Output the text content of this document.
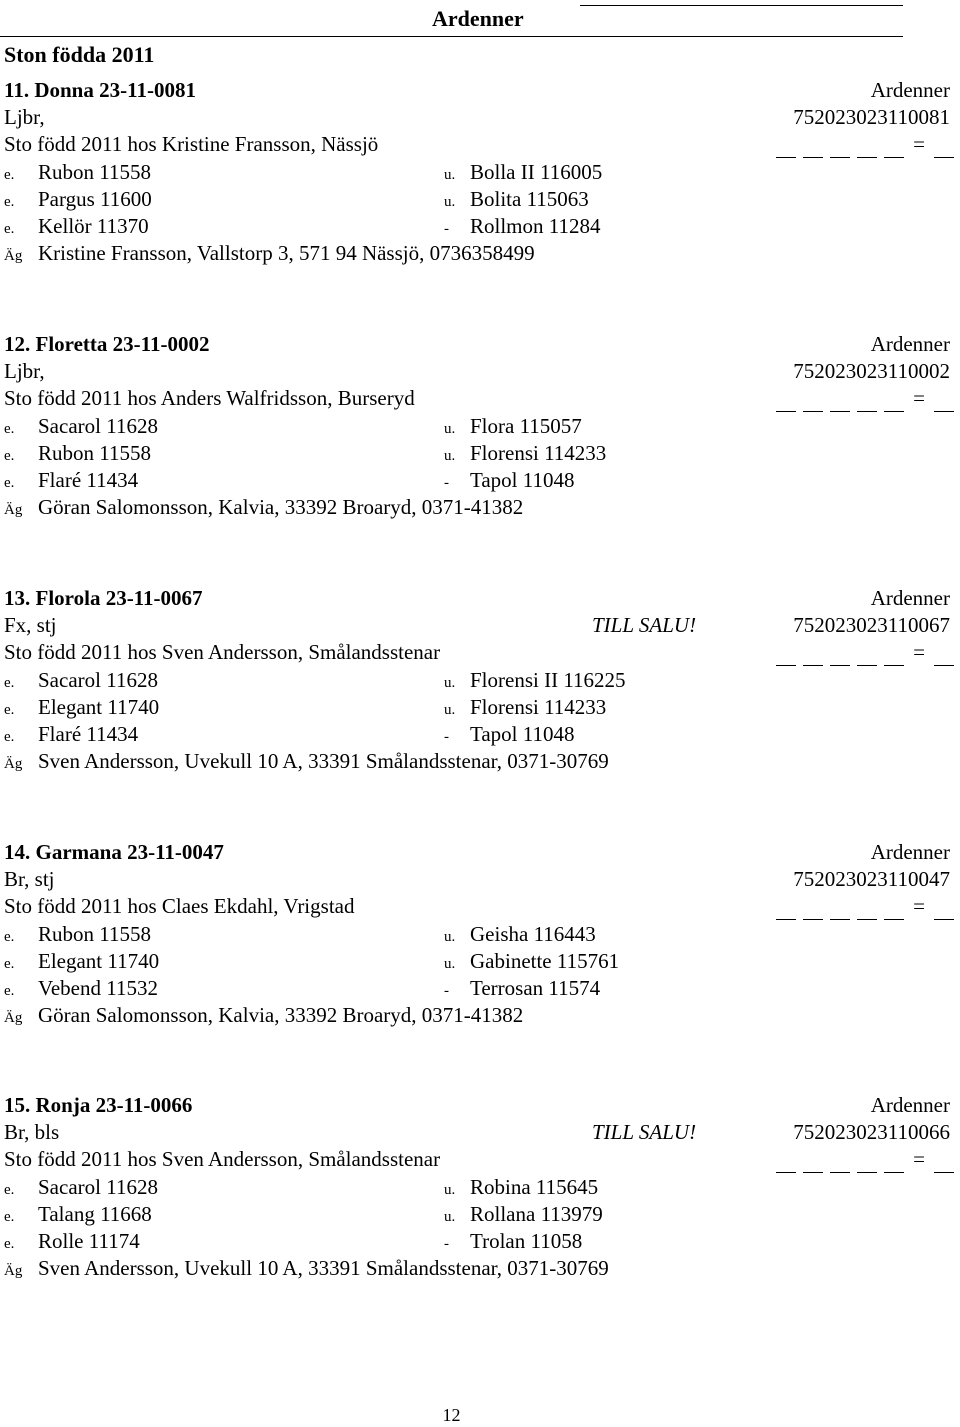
Ardenner
Ston födda 2011
11. Donna 23-11-0081	Ardenner
Ljbr,	752023023110081
Sto född 2011 hos Kristine Fransson, Nässjö	=
e. Rubon 11558	u. Bolla II 116005
e. Pargus 11600	u. Bolita 115063
e. Kellör 11370	- Rollmon 11284
Äg Kristine Fransson, Vallstorp 3, 571 94 Nässjö, 0736358499
12. Floretta 23-11-0002	Ardenner
Ljbr,	752023023110002
Sto född 2011 hos Anders Walfridsson, Burseryd	=
e. Sacarol 11628	u. Flora 115057
e. Rubon 11558	u. Florensi 114233
e. Flaré 11434	- Tapol 11048
Äg Göran Salomonsson, Kalvia, 33392 Broaryd, 0371-41382
13. Florola 23-11-0067	Ardenner
Fx, stj	TILL SALU!	752023023110067
Sto född 2011 hos Sven Andersson, Smålandsstenar	=
e. Sacarol 11628	u. Florensi II 116225
e. Elegant 11740	u. Florensi 114233
e. Flaré 11434	- Tapol 11048
Äg Sven Andersson, Uvekull 10 A, 33391 Smålandsstenar, 0371-30769
14. Garmana 23-11-0047	Ardenner
Br, stj	752023023110047
Sto född 2011 hos Claes Ekdahl, Vrigstad	=
e. Rubon 11558	u. Geisha 116443
e. Elegant 11740	u. Gabinette 115761
e. Vebend 11532	- Terrosan 11574
Äg Göran Salomonsson, Kalvia, 33392 Broaryd, 0371-41382
15. Ronja 23-11-0066	Ardenner
Br, bls	TILL SALU!	752023023110066
Sto född 2011 hos Sven Andersson, Smålandsstenar	=
e. Sacarol 11628	u. Robina 115645
e. Talang 11668	u. Rollana 113979
e. Rolle 11174	- Trolan 11058
Äg Sven Andersson, Uvekull 10 A, 33391 Smålandsstenar, 0371-30769
12
